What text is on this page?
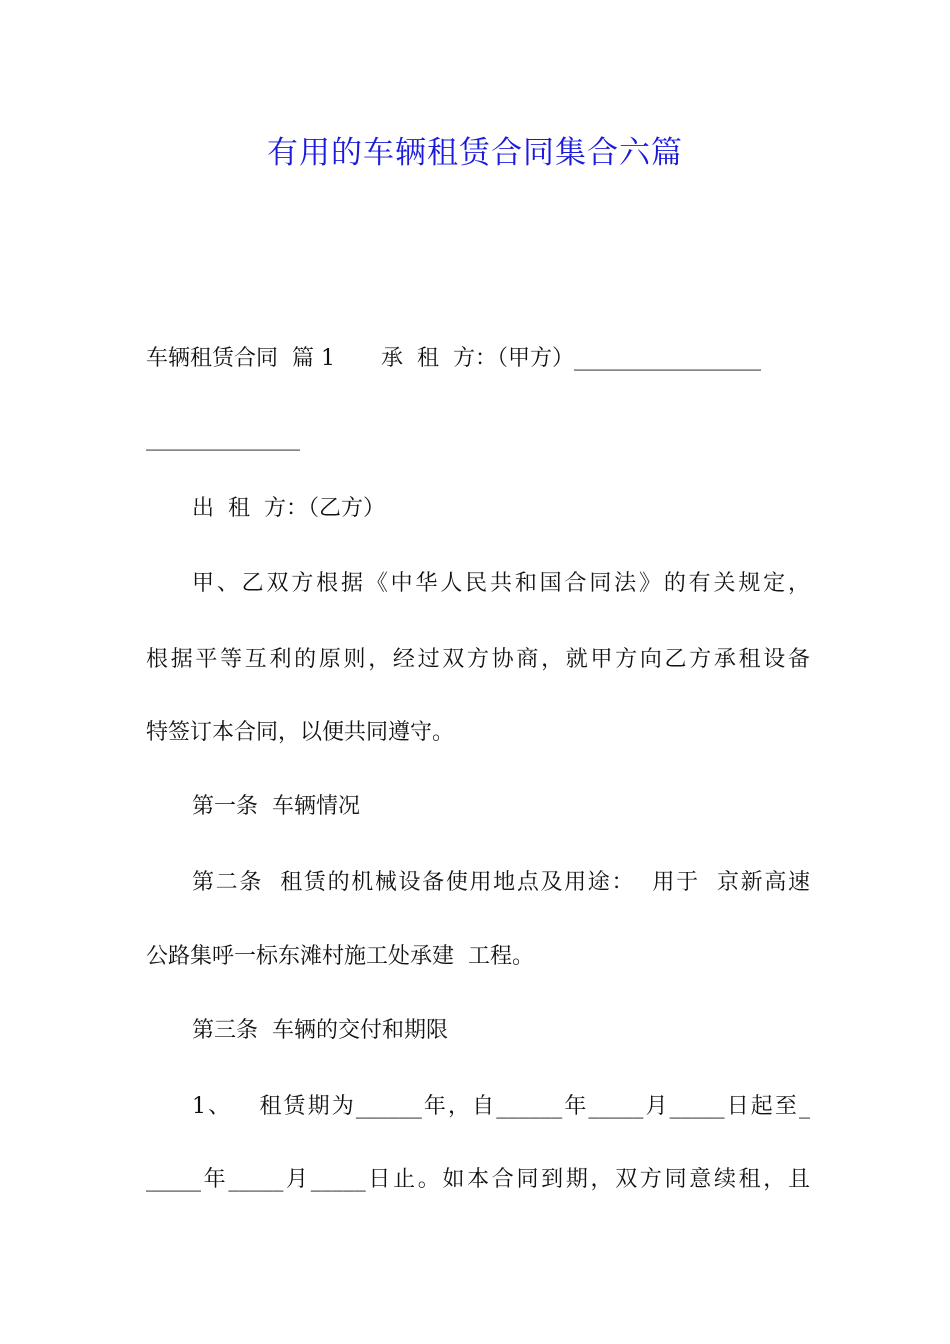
有用的车辆租赁合同集合六篇
车辆租赁合同  篇 1 承  租  方：（甲方）_________________
______________
出  租  方：（乙方）
甲、乙双方根据《中华人民共和国合同法》的有关规定，
根据平等互利的原则，经过双方协商，就甲方向乙方承租设备
特签订本合同，以便共同遵守。
第一条  车辆情况
第二条  租赁的机械设备使用地点及用途：  用于  京新高速
公路集呼一标东滩村施工处承建  工程。
第三条  车辆的交付和期限
1、   租赁期为______年，自______年_____月_____日起至_
_____年_____月_____日止。如本合同到期，双方同意续租，且
